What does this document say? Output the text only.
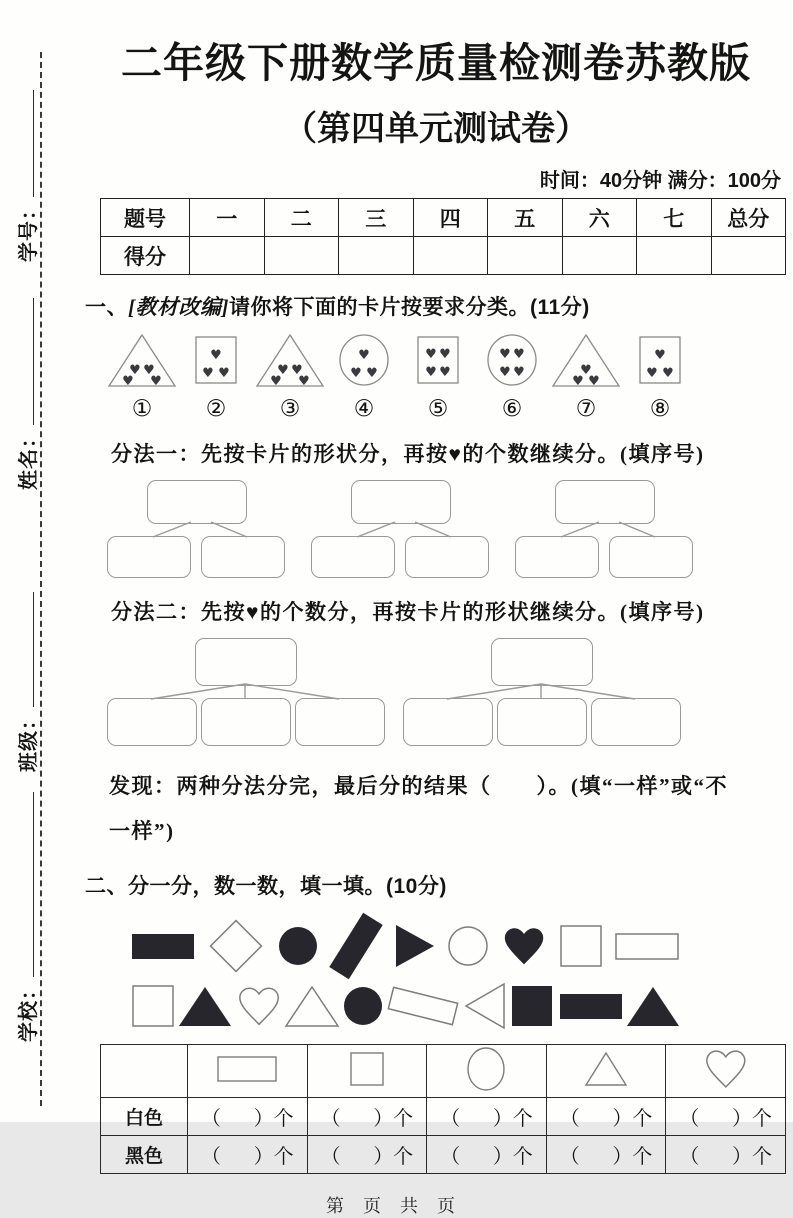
学号：
姓名：
班级：
学校：
二年级下册数学质量检测卷苏教版
（第四单元测试卷）
时间：40分钟 满分：100分
题号	一	二	三	四	五	六	七	总分
得分								
一、[教材改编]请你将下面的卡片按要求分类。(11分)
♥ ♥
♥ ♥
①
♥
♥ ♥
②
♥ ♥
♥ ♥
③
♥
♥ ♥
④
♥ ♥
♥ ♥
⑤
♥ ♥
♥ ♥
⑥
♥
♥ ♥
⑦
♥
♥ ♥
⑧
分法一：先按卡片的形状分，再按♥的个数继续分。(填序号)
分法二：先按♥的个数分，再按卡片的形状继续分。(填序号)
发现：两种分法分完，最后分的结果（　　）。(填“一样”或“不
一样”)
二、分一分，数一数，填一填。(10分)

白色	（ ）个	（ ）个	（ ）个	（ ）个	（ ）个

黑色	（ ）个	（ ）个	（ ）个	（ ）个	（ ）个
第 页 共 页
